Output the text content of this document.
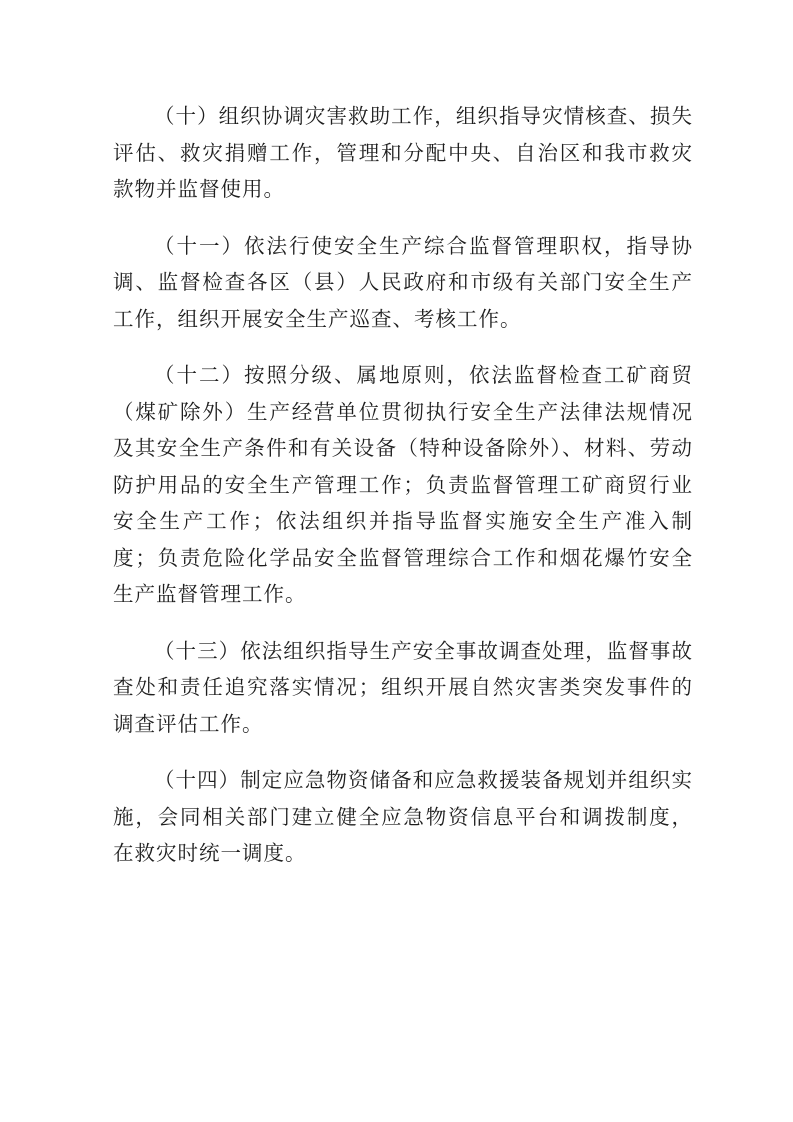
（十）组织协调灾害救助工作，组织指导灾情核查、损失评估、救灾捐赠工作，管理和分配中央、自治区和我市救灾款物并监督使用。

（十一）依法行使安全生产综合监督管理职权，指导协调、监督检查各区（县）人民政府和市级有关部门安全生产工作，组织开展安全生产巡查、考核工作。

（十二）按照分级、属地原则，依法监督检查工矿商贸（煤矿除外）生产经营单位贯彻执行安全生产法律法规情况及其安全生产条件和有关设备（特种设备除外）、材料、劳动防护用品的安全生产管理工作；负责监督管理工矿商贸行业安全生产工作；依法组织并指导监督实施安全生产准入制度；负责危险化学品安全监督管理综合工作和烟花爆竹安全生产监督管理工作。

（十三）依法组织指导生产安全事故调查处理，监督事故查处和责任追究落实情况；组织开展自然灾害类突发事件的调查评估工作。

（十四）制定应急物资储备和应急救援装备规划并组织实施，会同相关部门建立健全应急物资信息平台和调拨制度，在救灾时统一调度。
